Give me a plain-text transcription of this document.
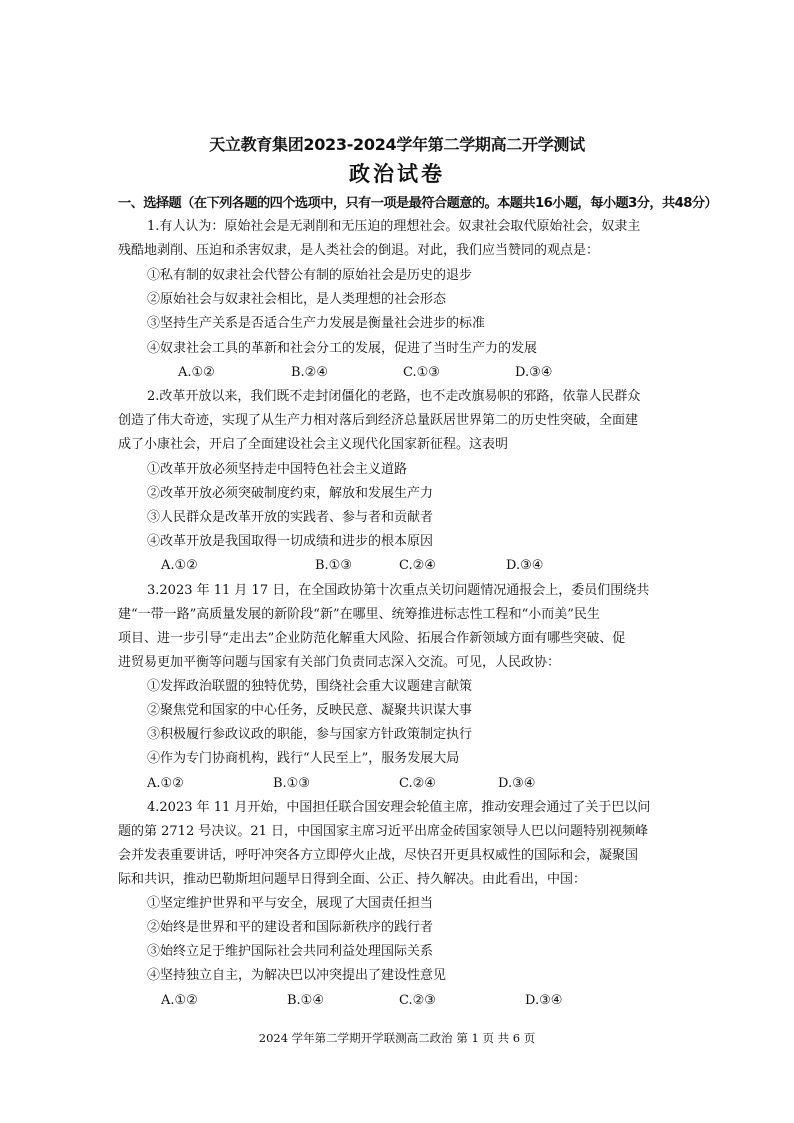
天立教育集团2023-2024学年第二学期高二开学测试
政治试卷
一、选择题（在下列各题的四个选项中，只有一项是最符合题意的。本题共16小题，每小题3分，共48分）
1.有人认为：原始社会是无剥削和无压迫的理想社会。奴隶社会取代原始社会，奴隶主
残酷地剥削、压迫和杀害奴隶，是人类社会的倒退。对此，我们应当赞同的观点是：
①私有制的奴隶社会代替公有制的原始社会是历史的退步
②原始社会与奴隶社会相比，是人类理想的社会形态
③坚持生产关系是否适合生产力发展是衡量社会进步的标准
④奴隶社会工具的革新和社会分工的发展，促进了当时生产力的发展
A.①②	B.②④	C.①③	D.③④
2.改革开放以来，我们既不走封闭僵化的老路，也不走改旗易帜的邪路，依靠人民群众
创造了伟大奇迹，实现了从生产力相对落后到经济总量跃居世界第二的历史性突破，全面建
成了小康社会，开启了全面建设社会主义现代化国家新征程。这表明
①改革开放必须坚持走中国特色社会主义道路
②改革开放必须突破制度约束，解放和发展生产力
③人民群众是改革开放的实践者、参与者和贡献者
④改革开放是我国取得一切成绩和进步的根本原因
A.①②	B.①③	C.②④	D.③④
3.2023 年 11 月 17 日，在全国政协第十次重点关切问题情况通报会上，委员们围绕共
建“一带一路”高质量发展的新阶段“新”在哪里、统筹推进标志性工程和“小而美”民生
项目、进一步引导“走出去”企业防范化解重大风险、拓展合作新领域方面有哪些突破、促
进贸易更加平衡等问题与国家有关部门负责同志深入交流。可见，人民政协：
①发挥政治联盟的独特优势，围绕社会重大议题建言献策
②聚焦党和国家的中心任务，反映民意、凝聚共识谋大事
③积极履行参政议政的职能，参与国家方针政策制定执行
④作为专门协商机构，践行“人民至上”，服务发展大局
A.①②	B.①③	C.②④	D.③④
4.2023 年 11 月开始，中国担任联合国安理会轮值主席，推动安理会通过了关于巴以问
题的第 2712 号决议。21 日，中国国家主席习近平出席金砖国家领导人巴以问题特别视频峰
会并发表重要讲话，呼吁冲突各方立即停火止战，尽快召开更具权威性的国际和会，凝聚国
际和共识，推动巴勒斯坦问题早日得到全面、公正、持久解决。由此看出，中国：
①坚定维护世界和平与安全，展现了大国责任担当
②始终是世界和平的建设者和国际新秩序的践行者
③始终立足于维护国际社会共同利益处理国际关系
④坚持独立自主，为解决巴以冲突提出了建设性意见
A.①②	B.①④	C.②③	D.③④
2024 学年第二学期开学联测高二政治 第 1 页 共 6 页
